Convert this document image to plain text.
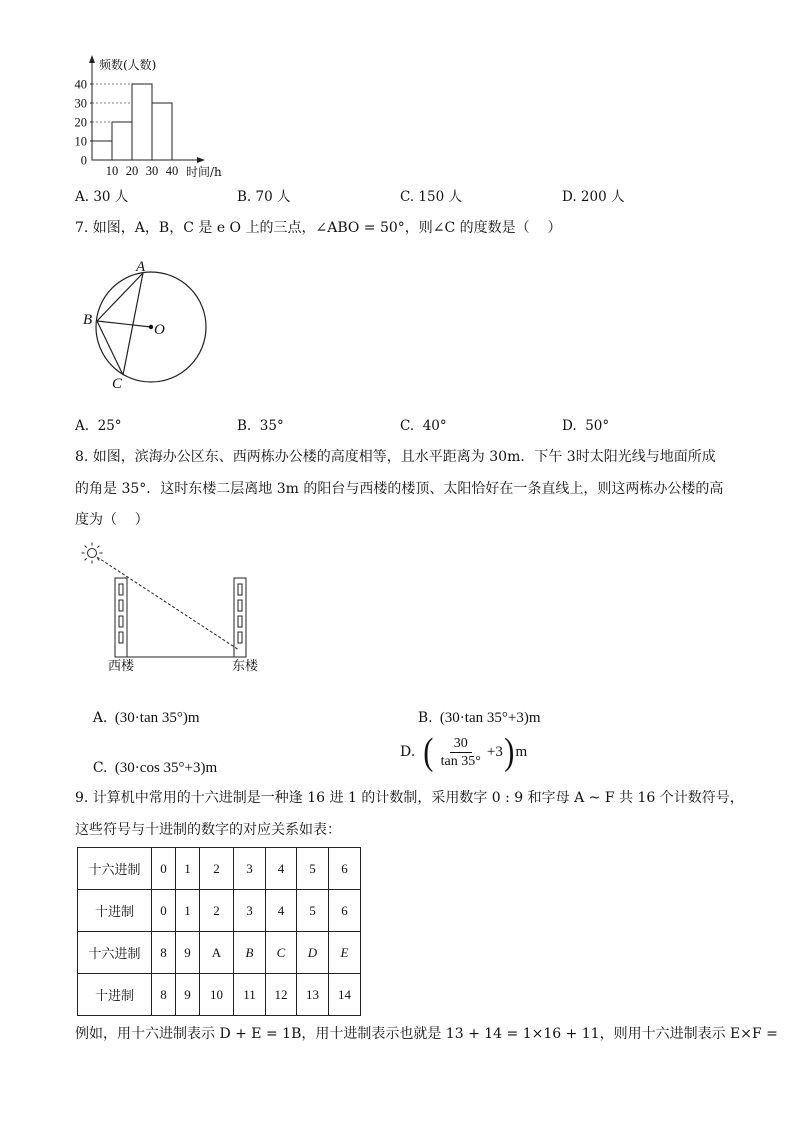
0
10
20
30
40
10 20 30 40
频数(人数)
时间/h
A. 30 人	B. 70 人	C. 150 人	D. 200 人
7. 如图，A，B，C 是 e O 上的三点，∠ABO = 50°，则∠C 的度数是（    ）
A
B
O
C
A.  25°	B.  35°	C.  40°	D.  50°
8. 如图，滨海办公区东、西两栋办公楼的高度相等，且水平距离为 30m．下午 3时太阳光线与地面所成
的角是 35°．这时东楼二层离地 3m 的阳台与西楼的楼顶、太阳恰好在一条直线上，则这两栋办公楼的高
度为（    ）
西楼	东楼

A. (30·tan 35°)m
	B. (30·tan 35°+3)m

C. (30·cos 35°+3)m

D. ( $\frac{30}{\tan 35^\circ} +3$ ) m
9. 计算机中常用的十六进制是一种逢 16 进 1 的计数制，采用数字 0 : 9 和字母 A ~ F 共 16 个计数符号，
这些符号与十进制的数字的对应关系如表：
十六进制	0	1	2	3	4	5	6
十进制	0	1	2	3	4	5	6
十六进制	8	9	A	B	C	D	E
十进制	8	9	10	11	12	13	14
例如，用十六进制表示 D + E = 1B，用十进制表示也就是 13 + 14 = 1×16 + 11，则用十六进制表示 E×F =
